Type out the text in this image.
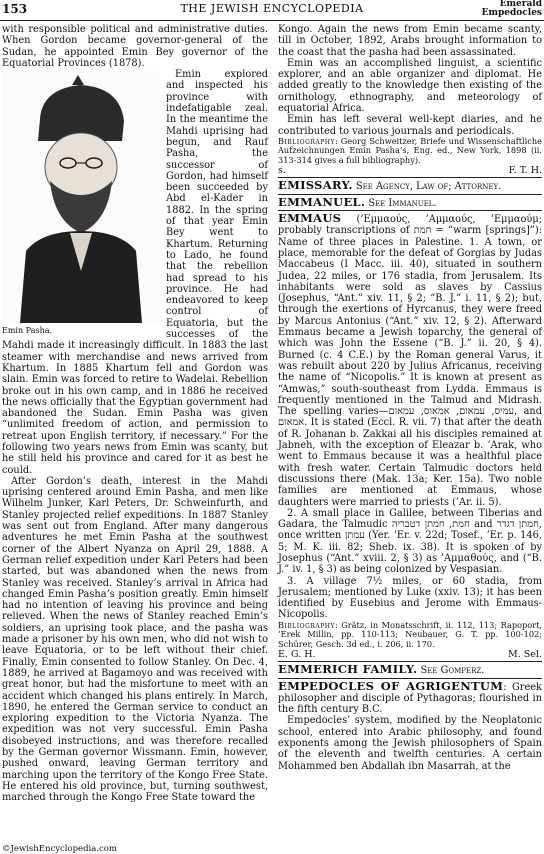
153	THE JEWISH ENCYCLOPEDIA	Emerald
Empedocles

with responsible political and administrative duties. When Gordon became governor-general of the Sudan, he appointed Emin Bey governor of the Equatorial Provinces (1878).

Emin Pasha.

Emin explored and inspected his province with indefatigable zeal. In the meantime the Mahdi uprising had begun, and Rauf Pasha, the successor of Gordon, had himself been succeeded by Abd el-Kader in 1882. In the spring of that year Emin Bey went to Khartum. Returning to Lado, he found that the rebellion had spread to his province. He had endeavored to keep control of Equatoria, but the successes of the Mahdi made it increasingly difficult. In 1883 the last steamer with merchandise and news arrived from Khartum. In 1885 Khartum fell and Gordon was slain. Emin was forced to retire to Wadelai. Rebellion broke out in his own camp, and in 1886 he received the news officially that the Egyptian government had abandoned the Sudan. Emin Pasha was given “unlimited freedom of action, and permission to retreat upon English territory, if necessary.” For the following two years news from Emin was scanty, but he still held his province and cared for it as best he could.

After Gordon’s death, interest in the Mahdi uprising centered around Emin Pasha, and men like Wilhelm Junker, Karl Peters, Dr. Schweinfurth, and Stanley projected relief expeditions. In 1887 Stanley was sent out from England. After many dangerous adventures he met Emin Pasha at the southwest corner of the Albert Nyanza on April 29, 1888. A German relief expedition under Karl Peters had been started, but was abandoned when the news from Stanley was received. Stanley’s arrival in Africa had changed Emin Pasha’s position greatly. Emin himself had no intention of leaving his province and being relieved. When the news of Stanley reached Emin’s soldiers, an uprising took place, and the pasha was made a prisoner by his own men, who did not wish to leave Equatoria, or to be left without their chief. Finally, Emin consented to follow Stanley. On Dec. 4, 1889, he arrived at Bagamoyo and was received with great honor, but had the misfortune to meet with an accident which changed his plans entirely. In March, 1890, he entered the German service to conduct an exploring expedition to the Victoria Nyanza. The expedition was not very successful. Emin Pasha disobeyed instructions, and was therefore recalled by the German governor Wissmann. Emin, however, pushed onward, leaving German territory and marching upon the territory of the Kongo Free State. He entered his old province, but, turning southwest, marched through the Kongo Free State toward the

Kongo. Again the news from Emin became scanty, till in October, 1892, Arabs brought information to the coast that the pasha had been assassinated.

Emin was an accomplished linguist, a scientific explorer, and an able organizer and diplomat. He added greatly to the knowledge then existing of the ornithology, ethnography, and meteorology of equatorial Africa.

Emin has left several well-kept diaries, and he contributed to various journals and periodicals.

Bibliography: Georg Schweitzer, Briefe und Wissenschaftliche Aufzeichnungen Emin Pasha’s, Eng. ed., New York, 1898 (ii. 313-314 gives a full bibliography).

s.	F. T. H.

EMISSARY. See Agency, Law of; Attorney.

EMMANUEL. See Immanuel.

EMMAUS (’Εμμαούς, ’Αμμαούς, ’Εμμαούμ; probably transcriptions of חמת = “warm [springs]”): Name of three places in Palestine. 1. A town, or place, memorable for the defeat of Gorgias by Judas Maccabeus (I Macc. iii. 40), situated in southern Judea, 22 miles, or 176 stadia, from Jerusalem. Its inhabitants were sold as slaves by Cassius (Josephus, “Ant.” xiv. 11, § 2; “B. J.” i. 11, § 2); but, through the exertions of Hyrcanus, they were freed by Marcus Antonius (“Ant.” xiv. 12, § 2). Afterward Emmaus became a Jewish toparchy, the general of which was John the Essene (“B. J.” ii. 20, § 4). Burned (c. 4 C.E.) by the Roman general Varus, it was rebuilt about 220 by Julius Africanus, receiving the name of “Nicopolis.” It is known at present as “Amwas,” south-southeast from Lydda. Emmaus is frequently mentioned in the Talmud and Midrash. The spelling varies—עמיס, עמאום, אמאוס, עמאום, and אמאום. It is stated (Eccl. R. vii. 7) that after the death of R. Johanan b. Zakkai all his disciples remained at Jabneh, with the exception of Eleazar b. ’Arak, who went to Emmaus because it was a healthful place with fresh water. Certain Talmudic doctors held discussions there (Mak. 13a; Ker. 15a). Two noble families are mentioned at Emmaus, whose daughters were married to priests (’Ar. ii. 5).

2. A small place in Galilee, between Tiberias and Gadara, the Talmudic חמת, חמתן דטבריה and חמתן דגדר, once written עמתן (Yer. ’Er. v. 22d; Tosef., ’Er. p. 146, 5; M. K. iii. 82; Sheb. ix. 38). It is spoken of by Josephus (“Ant.” xviii. 2, § 3) as ’Αμμαθούς, and (“B. J.” iv. 1, § 3) as being colonized by Vespasian.

3. A village 7½ miles, or 60 stadia, from Jerusalem; mentioned by Luke (xxiv. 13); it has been identified by Eusebius and Jerome with Emmaus-Nicopolis.

Bibliography: Grätz, in Monatsschrift, ii. 112, 113; Rapoport, ’Erek Millin, pp. 110-113; Neubauer, G. T. pp. 100-102; Schürer, Gesch. 3d ed., i. 206, ii. 170.

E. G. H.	M. Sel.

EMMERICH FAMILY. See Gomperz.

EMPEDOCLES OF AGRIGENTUM: Greek philosopher and disciple of Pythagoras; flourished in the fifth century B.C.

Empedocles’ system, modified by the Neoplatonic school, entered into Arabic philosophy, and found exponents among the Jewish philosophers of Spain of the eleventh and twelfth centuries. A certain Mohammed ben Abdallah ibn Masarrah, at the

©JewishEncyclopedia.com
